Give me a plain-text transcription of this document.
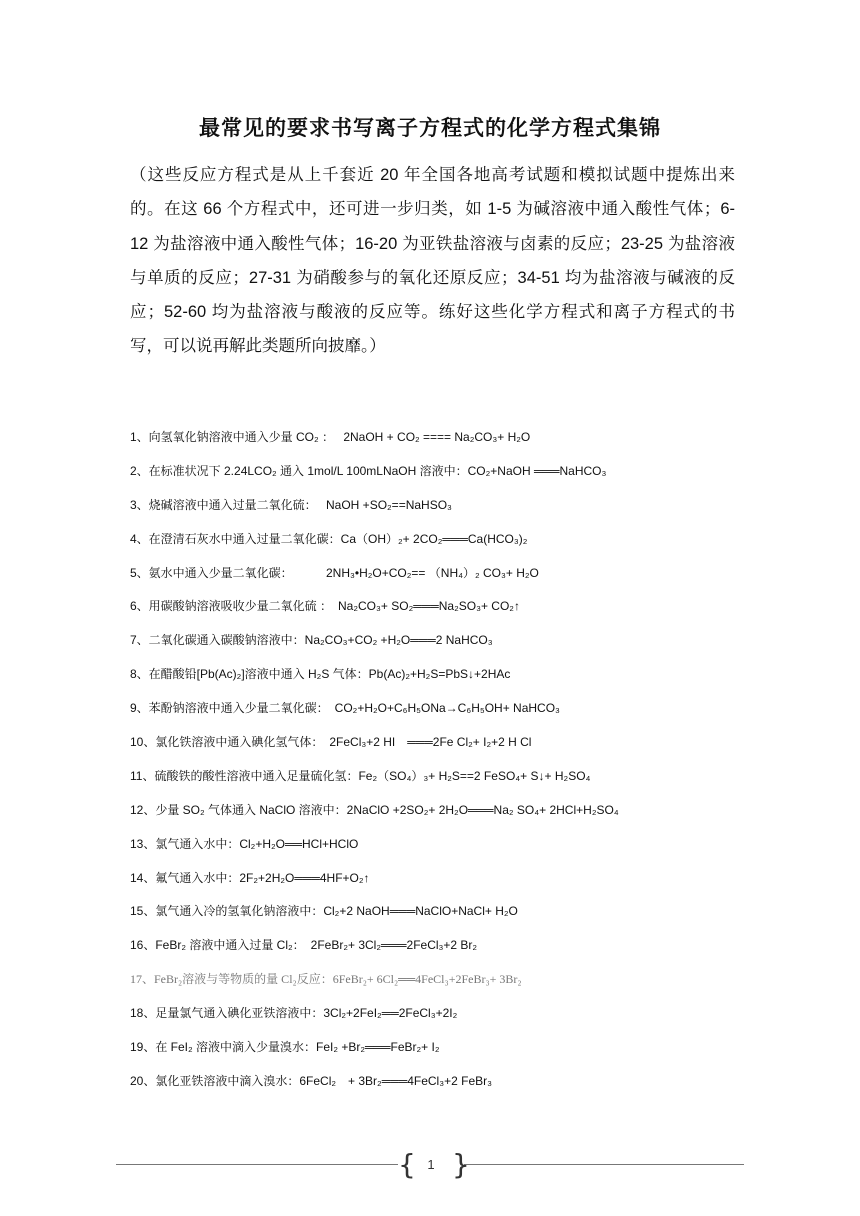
最常见的要求书写离子方程式的化学方程式集锦
（这些反应方程式是从上千套近 20 年全国各地高考试题和模拟试题中提炼出来的。在这 66 个方程式中，还可进一步归类，如 1-5 为碱溶液中通入酸性气体；6-12 为盐溶液中通入酸性气体；16-20 为亚铁盐溶液与卤素的反应；23-25 为盐溶液与单质的反应；27-31 为硝酸参与的氧化还原反应；34-51 均为盐溶液与碱液的反应；52-60 均为盐溶液与酸液的反应等。练好这些化学方程式和离子方程式的书写，可以说再解此类题所向披靡。）
1、向氢氧化钠溶液中通入少量 CO₂ ：　 2NaOH + CO₂ ==== Na₂CO₃+ H₂O
2、在标准状况下 2.24LCO₂ 通入 1mol/L 100mLNaOH 溶液中：CO₂+NaOH ═══NaHCO₃
3、烧碱溶液中通入过量二氧化硫：　 NaOH +SO₂==NaHSO₃
4、在澄清石灰水中通入过量二氧化碳：Ca（OH）₂+ 2CO₂═══Ca(HCO₃)₂
5、氨水中通入少量二氧化碳：　　　 2NH₃•H₂O+CO₂== （NH₄）₂ CO₃+ H₂O
6、用碳酸钠溶液吸收少量二氧化硫 ：　Na₂CO₃+ SO₂═══Na₂SO₃+ CO₂↑
7、二氧化碳通入碳酸钠溶液中：Na₂CO₃+CO₂ +H₂O═══2 NaHCO₃
8、在醋酸铅[Pb(Ac)₂]溶液中通入 H₂S 气体：Pb(Ac)₂+H₂S=PbS↓+2HAc
9、苯酚钠溶液中通入少量二氧化碳：　CO₂+H₂O+C₆H₅ONa→C₆H₅OH+ NaHCO₃
10、氯化铁溶液中通入碘化氢气体：　2FeCl₃+2 HI　═══2Fe Cl₂+ I₂+2 H Cl
11、硫酸铁的酸性溶液中通入足量硫化氢：Fe₂（SO₄）₃+ H₂S==2 FeSO₄+ S↓+ H₂SO₄
12、少量 SO₂ 气体通入 NaClO 溶液中：2NaClO +2SO₂+ 2H₂O═══Na₂ SO₄+ 2HCl+H₂SO₄
13、氯气通入水中：Cl₂+H₂O══HCl+HClO
14、氟气通入水中：2F₂+2H₂O═══4HF+O₂↑
15、氯气通入冷的氢氧化钠溶液中：Cl₂+2 NaOH═══NaClO+NaCl+ H₂O
16、FeBr₂ 溶液中通入过量 Cl₂：　2FeBr₂+ 3Cl₂═══2FeCl₃+2 Br₂
17、FeBr₂溶液与等物质的量 Cl₂反应：6FeBr₂+ 6Cl₂══4FeCl₃+2FeBr₃+ 3Br₂
18、足量氯气通入碘化亚铁溶液中：3Cl₂+2FeI₂══2FeCl₃+2I₂
19、在 FeI₂ 溶液中滴入少量溴水：FeI₂ +Br₂═══FeBr₂+ I₂
20、氯化亚铁溶液中滴入溴水：6FeCl₂　+ 3Br₂═══4FeCl₃+2 FeBr₃
{ }
1
